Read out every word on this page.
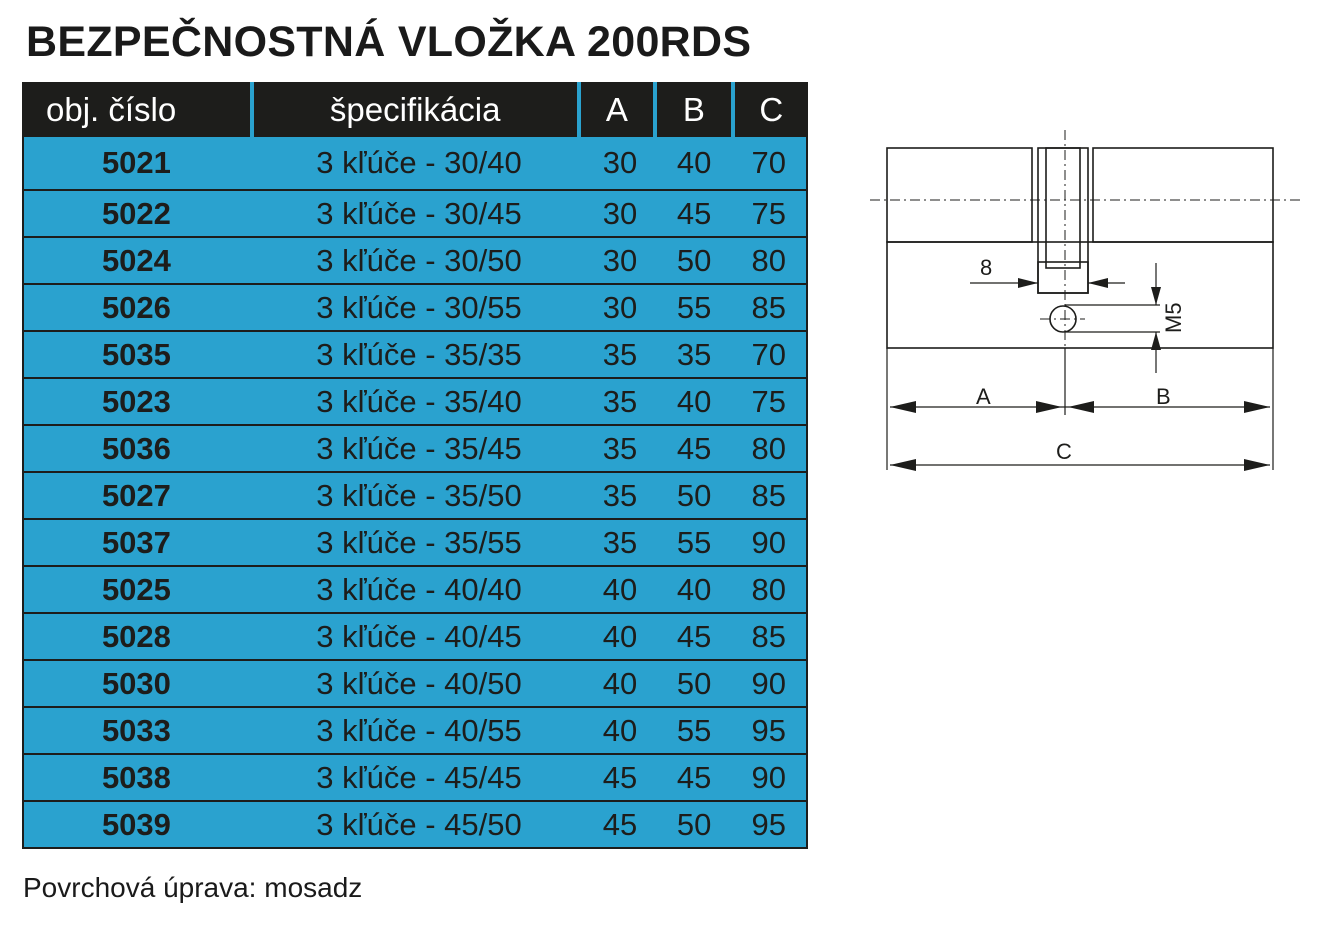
BEZPEČNOSTNÁ VLOŽKA 200RDS
obj. číslo	špecifikácia	A	B	C
5021	3 kľúče - 30/40	30	40	70
5022	3 kľúče - 30/45	30	45	75
5024	3 kľúče - 30/50	30	50	80
5026	3 kľúče - 30/55	30	55	85
5035	3 kľúče - 35/35	35	35	70
5023	3 kľúče - 35/40	35	40	75
5036	3 kľúče - 35/45	35	45	80
5027	3 kľúče - 35/50	35	50	85
5037	3 kľúče - 35/55	35	55	90
5025	3 kľúče - 40/40	40	40	80
5028	3 kľúče - 40/45	40	45	85
5030	3 kľúče - 40/50	40	50	90
5033	3 kľúče - 40/55	40	55	95
5038	3 kľúče - 45/45	45	45	90
5039	3 kľúče - 45/50	45	50	95
Povrchová úprava: mosadz
8
M5
A	B
C
